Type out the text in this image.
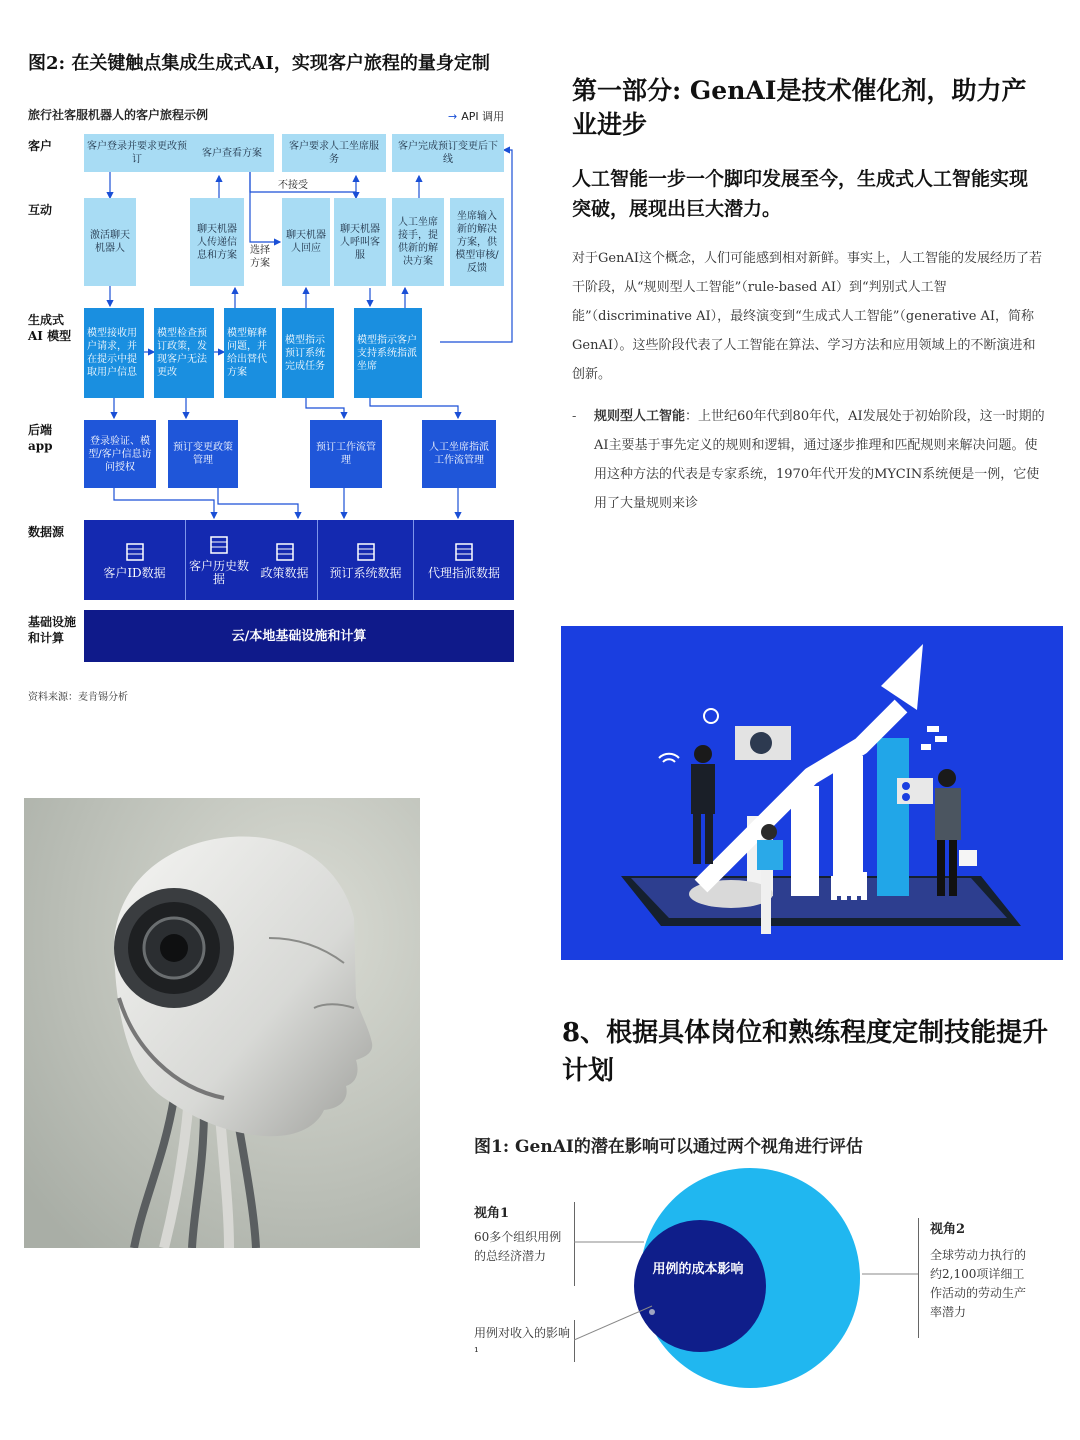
图2: 在关键触点集成生成式AI，实现客户旅程的量身定制
旅行社客服机器人的客户旅程示例	→ API 调用
客户
互动
生成式 AI 模型
后端 app
数据源
基础设施和计算
客户登录并要求更改预订
客户查看方案
客户要求人工坐席服务
客户完成预订变更后下线
不接受
选择方案
激活聊天机器人
聊天机器人传递信息和方案
聊天机器人回应
聊天机器人呼叫客服
人工坐席接手，提供新的解决方案
坐席输入新的解决方案，供模型审核/反馈
模型接收用户请求，并在提示中提取用户信息
模型检查预订政策，发现客户无法更改
模型解释问题，并给出替代方案
模型指示预订系统完成任务
模型指示客户支持系统指派坐席
登录验证、模型/客户信息访问授权
预订变更政策管理
预订工作流管理
人工坐席指派工作流管理
客户ID数据 客户历史数据	政策数据 预订系统数据 代理指派数据
云/本地基础设施和计算
资料来源：麦肯锡分析
第一部分: GenAI是技术催化剂，助力产业进步
人工智能一步一个脚印发展至今，生成式人工智能实现突破，展现出巨大潜力。
对于GenAI这个概念，人们可能感到相对新鲜。事实上，人工智能的发展经历了若干阶段，从“规则型人工智能”（rule-based AI）到“判别式人工智能”（discriminative AI），最终演变到“生成式人工智能”（generative AI，简称GenAI）。这些阶段代表了人工智能在算法、学习方法和应用领域上的不断演进和创新。
- 规则型人工智能：上世纪60年代到80年代，AI发展处于初始阶段，这一时期的AI主要基于事先定义的规则和逻辑，通过逐步推理和匹配规则来解决问题。使用这种方法的代表是专家系统，1970年代开发的MYCIN系统便是一例，它使用了大量规则来诊
8、根据具体岗位和熟练程度定制技能提升计划
图1: GenAI的潜在影响可以通过两个视角进行评估
用例的成本影响
视角1
60多个组织用例的总经济潜力
用例对收入的影响¹
视角2
全球劳动力执行的约2,100项详细工作活动的劳动生产率潜力
